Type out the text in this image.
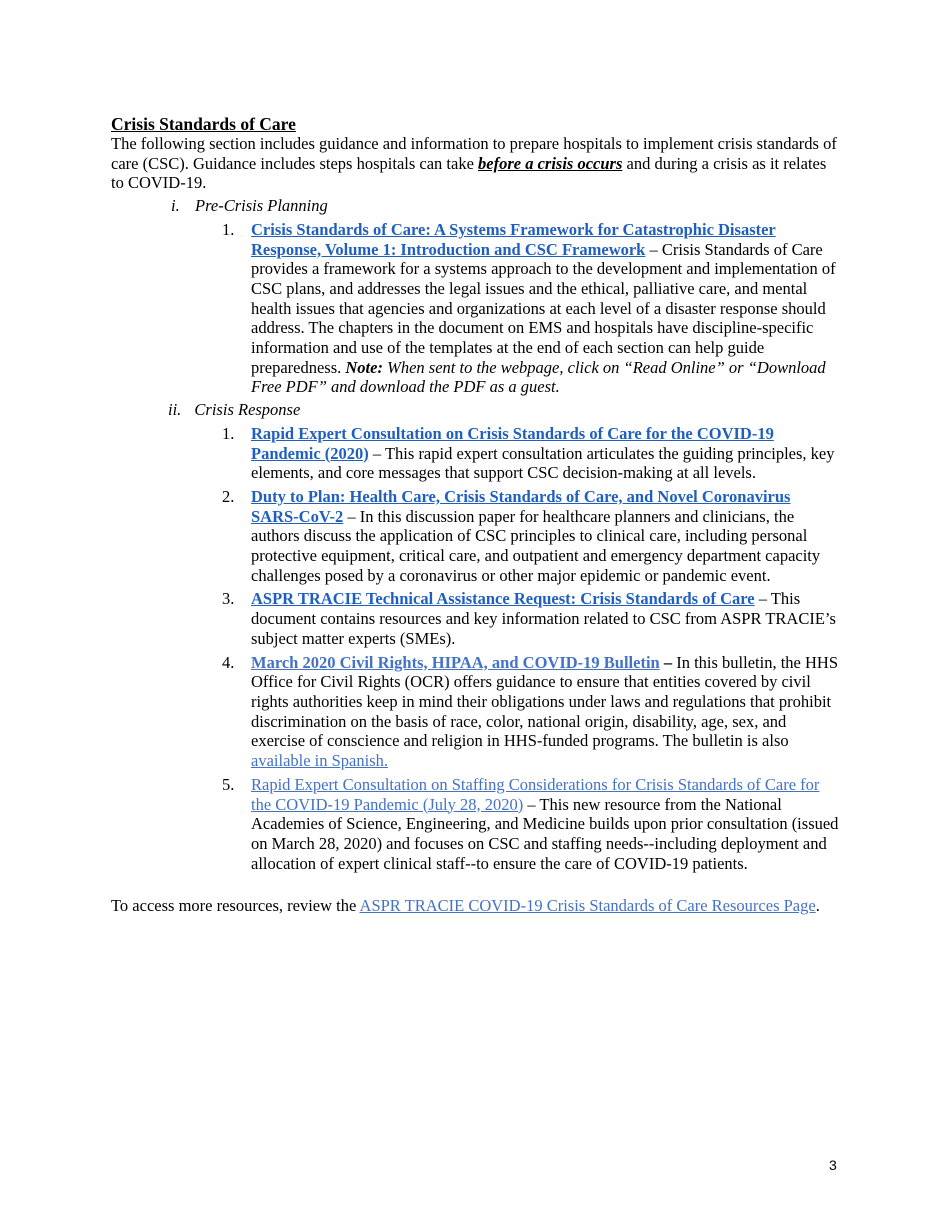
Crisis Standards of Care

The following section includes guidance and information to prepare hospitals to implement crisis standards of care (CSC). Guidance includes steps hospitals can take before a crisis occurs and during a crisis as it relates to COVID-19.

i. Pre-Crisis Planning
1.	Crisis Standards of Care: A Systems Framework for Catastrophic Disaster Response, Volume 1: Introduction and CSC Framework – Crisis Standards of Care provides a framework for a systems approach to the development and implementation of CSC plans, and addresses the legal issues and the ethical, palliative care, and mental health issues that agencies and organizations at each level of a disaster response should address. The chapters in the document on EMS and hospitals have discipline-specific information and use of the templates at the end of each section can help guide preparedness. Note: When sent to the webpage, click on “Read Online” or “Download Free PDF” and download the PDF as a guest.
ii. Crisis Response
1.	Rapid Expert Consultation on Crisis Standards of Care for the COVID-19 Pandemic (2020) – This rapid expert consultation articulates the guiding principles, key elements, and core messages that support CSC decision-making at all levels.
2.	Duty to Plan: Health Care, Crisis Standards of Care, and Novel Coronavirus SARS-CoV-2 – In this discussion paper for healthcare planners and clinicians, the authors discuss the application of CSC principles to clinical care, including personal protective equipment, critical care, and outpatient and emergency department capacity challenges posed by a coronavirus or other major epidemic or pandemic event.
3.	ASPR TRACIE Technical Assistance Request: Crisis Standards of Care – This document contains resources and key information related to CSC from ASPR TRACIE’s subject matter experts (SMEs).
4.	March 2020 Civil Rights, HIPAA, and COVID-19 Bulletin – In this bulletin, the HHS Office for Civil Rights (OCR) offers guidance to ensure that entities covered by civil rights authorities keep in mind their obligations under laws and regulations that prohibit discrimination on the basis of race, color, national origin, disability, age, sex, and exercise of conscience and religion in HHS-funded programs. The bulletin is also available in Spanish.
5.	Rapid Expert Consultation on Staffing Considerations for Crisis Standards of Care for the COVID-19 Pandemic (July 28, 2020) – This new resource from the National Academies of Science, Engineering, and Medicine builds upon prior consultation (issued on March 28, 2020) and focuses on CSC and staffing needs--including deployment and allocation of expert clinical staff--to ensure the care of COVID-19 patients.

To access more resources, review the ASPR TRACIE COVID-19 Crisis Standards of Care Resources Page.

3
